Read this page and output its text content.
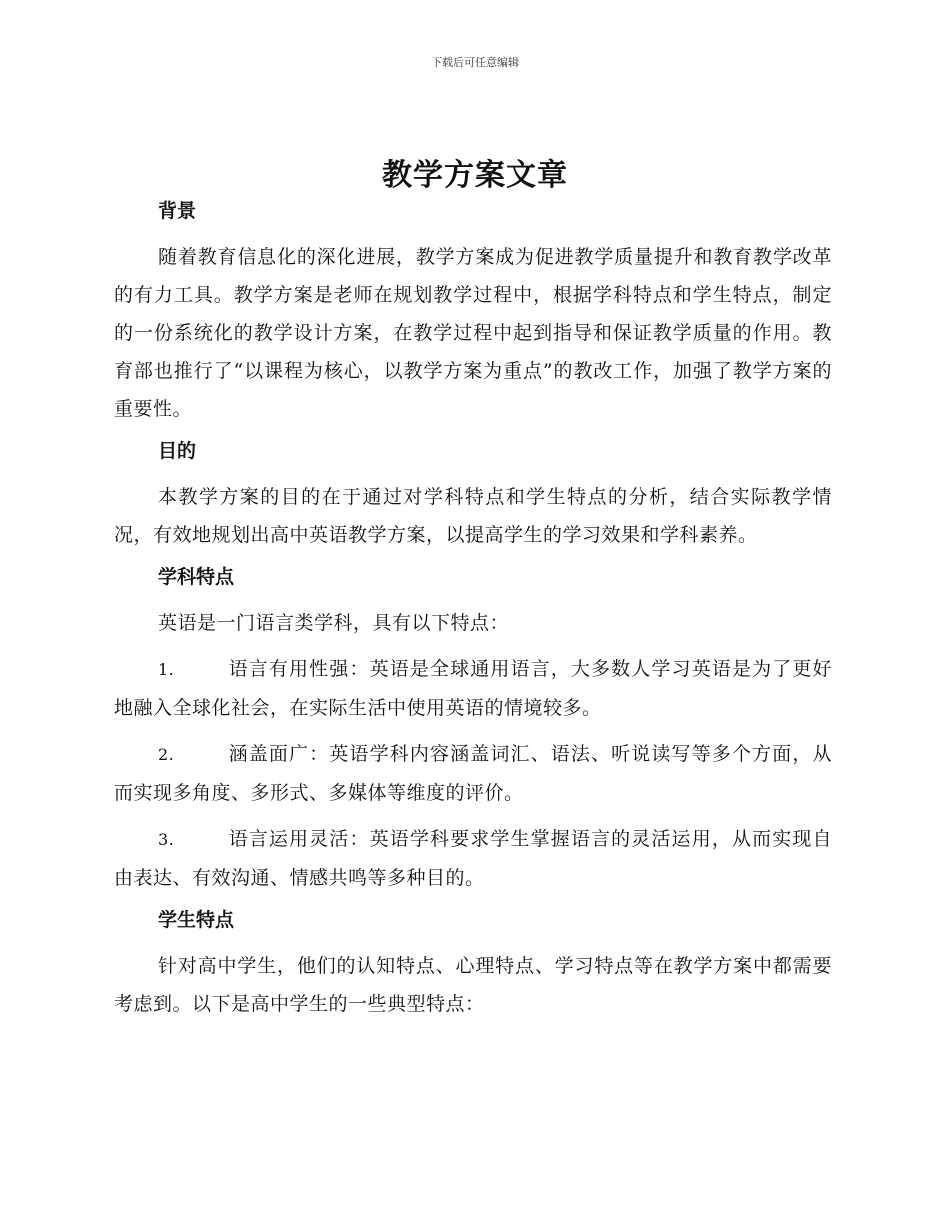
下载后可任意编辑
教学方案文章
背景

随着教育信息化的深化进展，教学方案成为促进教学质量提升和教育教学改革的有力工具。教学方案是老师在规划教学过程中，根据学科特点和学生特点，制定的一份系统化的教学设计方案，在教学过程中起到指导和保证教学质量的作用。教育部也推行了“以课程为核心，以教学方案为重点”的教改工作，加强了教学方案的重要性。

目的

本教学方案的目的在于通过对学科特点和学生特点的分析，结合实际教学情况，有效地规划出高中英语教学方案，以提高学生的学习效果和学科素养。

学科特点

英语是一门语言类学科，具有以下特点：

1.	语言有用性强：英语是全球通用语言，大多数人学习英语是为了更好地融入全球化社会，在实际生活中使用英语的情境较多。

2.	涵盖面广：英语学科内容涵盖词汇、语法、听说读写等多个方面，从而实现多角度、多形式、多媒体等维度的评价。

3.	语言运用灵活：英语学科要求学生掌握语言的灵活运用，从而实现自由表达、有效沟通、情感共鸣等多种目的。

学生特点

针对高中学生，他们的认知特点、心理特点、学习特点等在教学方案中都需要考虑到。以下是高中学生的一些典型特点：
